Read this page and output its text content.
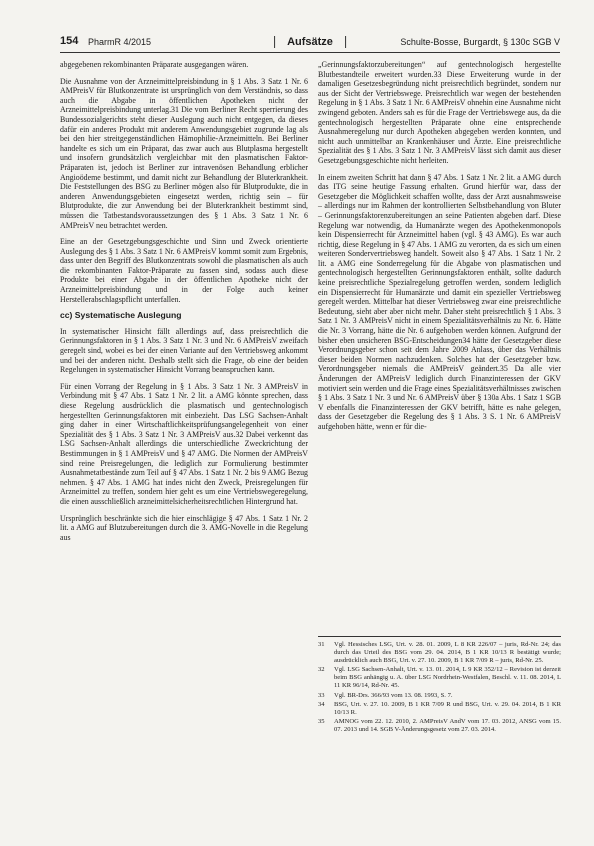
154 PharmR 4/2015	Aufsätze	Schulte-Bosse, Burgardt, § 130c SGB V

abgegebenen rekombinanten Präparate ausgegangen wären.

Die Ausnahme von der Arzneimittelpreisbindung in § 1 Abs. 3 Satz 1 Nr. 6 AMPreisV für Blutkonzentrate ist ursprünglich von dem Verständnis, so dass auch die Abgabe in öffentlichen Apotheken nicht der Arzneimittelpreisbindung unterlag.31 Die vom Berliner Recht sperrierung des Bundessozialgerichts steht dieser Auslegung auch nicht entgegen, da dieses dafür ein anderes Produkt mit anderem Anwendungsgebiet zugrunde lag als bei den hier streitgegenständlichen Hämophilie-Arzneimitteln. Bei Berliner handelte es sich um ein Präparat, das zwar auch aus Blutplasma hergestellt und insofern grundsätzlich vergleichbar mit den plasmatischen Faktor-Präparaten ist, jedoch ist Berliner zur intravenösen Behandlung erblicher Angioödeme bestimmt, und damit nicht zur Behandlung der Bluterkrankheit. Die Feststellungen des BSG zu Berliner mögen also für Blutprodukte, die in anderen Anwendungsgebieten eingesetzt werden, richtig sein – für Blutprodukte, die zur Anwendung bei der Bluterkrankheit bestimmt sind, müssen die Tatbestandsvoraussetzungen des § 1 Abs. 3 Satz 1 Nr. 6 AMPreisV neu betrachtet werden.

Eine an der Gesetzgebungsgeschichte und Sinn und Zweck orientierte Auslegung des § 1 Abs. 3 Satz 1 Nr. 6 AMPreisV kommt somit zum Ergebnis, dass unter den Begriff des Blutkonzentrats sowohl die plasmatischen als auch die rekombinanten Faktor-Präparate zu fassen sind, sodass auch diese Produkte bei einer Abgabe in der öffentlichen Apotheke nicht der Arzneimittelpreisbindung und in der Folge auch keiner Herstellerabschlagspflicht unterfallen.

cc) Systematische Auslegung

In systematischer Hinsicht fällt allerdings auf, dass preisrechtlich die Gerinnungsfaktoren in § 1 Abs. 3 Satz 1 Nr. 3 und Nr. 6 AMPreisV zweifach geregelt sind, wobei es bei der einen Variante auf den Vertriebsweg ankommt und bei der anderen nicht. Deshalb stellt sich die Frage, ob eine der beiden Regelungen in systematischer Hinsicht Vorrang beanspruchen kann.

Für einen Vorrang der Regelung in § 1 Abs. 3 Satz 1 Nr. 3 AMPreisV in Verbindung mit § 47 Abs. 1 Satz 1 Nr. 2 lit. a AMG könnte sprechen, dass diese Regelung ausdrücklich die plasmatisch und gentechnologisch hergestellten Gerinnungsfaktoren mit einbezieht. Das LSG Sachsen-Anhalt ging daher in einer Wirtschaftlichkeitsprüfungsangelegenheit von einer Spezialität des § 1 Abs. 3 Satz 1 Nr. 3 AMPreisV aus.32 Dabei verkennt das LSG Sachsen-Anhalt allerdings die unterschiedliche Zweckrichtung der Bestimmungen in § 1 AMPreisV und § 47 AMG. Die Normen der AMPreisV sind reine Preisregelungen, die lediglich zur Formulierung bestimmter Ausnahmetatbestände zum Teil auf § 47 Abs. 1 Satz 1 Nr. 2 bis 9 AMG Bezug nehmen. § 47 Abs. 1 AMG hat indes nicht den Zweck, Preisregelungen für Arzneimittel zu treffen, sondern hier geht es um eine Vertriebswegeregelung, die einen ausschließlich arzneimittelsicherheitsrechtlichen Hintergrund hat.

Ursprünglich beschränkte sich die hier einschlägige § 47 Abs. 1 Satz 1 Nr. 2 lit. a AMG auf Blutzubereitungen durch die 3. AMG-Novelle in die Regelung aus

„Gerinnungsfaktorzubereitungen“ auf gentechnologisch hergestellte Blutbestandteile erweitert wurden.33 Diese Erweiterung wurde in der damaligen Gesetzesbegründung nicht preisrechtlich begründet, sondern nur aus der Sicht der Vertriebswege. Preisrechtlich war wegen der bestehenden Regelung in § 1 Abs. 3 Satz 1 Nr. 6 AMPreisV ohnehin eine Ausnahme nicht zwingend geboten. Anders sah es für die Frage der Vertriebswege aus, da die gentechnologisch hergestellten Präparate ohne eine entsprechende Ausnahmeregelung nur durch Apotheken abgegeben werden konnten, und nicht auch unmittelbar an Krankenhäuser und Ärzte. Eine preisrechtliche Spezialität des § 1 Abs. 3 Satz 1 Nr. 3 AMPreisV lässt sich damit aus dieser Gesetzgebungsgeschichte nicht herleiten.

In einem zweiten Schritt hat dann § 47 Abs. 1 Satz 1 Nr. 2 lit. a AMG durch das ITG seine heutige Fassung erhalten. Grund hierfür war, dass der Gesetzgeber die Möglichkeit schaffen wollte, dass der Arzt ausnahmsweise – allerdings nur im Rahmen der kontrollierten Selbstbehandlung von Bluter – Gerinnungsfaktorenzubereitungen an seine Patienten abgeben darf. Diese Regelung war notwendig, da Humanärzte wegen des Apothekenmonopols kein Dispensierrecht für Arzneimittel haben (vgl. § 43 AMG). Es war auch richtig, diese Regelung in § 47 Abs. 1 AMG zu verorten, da es sich um einen weiteren Sondervertriebsweg handelt. Soweit also § 47 Abs. 1 Satz 1 Nr. 2 lit. a AMG eine Sonderregelung für die Abgabe von plasmatischen und gentechnologisch hergestellten Gerinnungsfaktoren enthält, sollte dadurch keine preisrechtliche Spezialregelung getroffen werden, sondern lediglich ein Dispensierrecht für Humanärzte und damit ein spezieller Vertriebsweg geregelt werden. Mittelbar hat dieser Vertriebsweg zwar eine preisrechtliche Bedeutung, sieht aber aber nicht mehr. Daher steht preisrechtlich § 1 Abs. 3 Satz 1 Nr. 3 AMPreisV nicht in einem Spezialitätsverhältnis zu Nr. 6. Hätte die Nr. 3 Vorrang, hätte die Nr. 6 aufgehoben werden können. Aufgrund der bisher eben unsicheren BSG-Entscheidungen34 hätte der Gesetzgeber diese Verordnungsgeber schon seit dem Jahre 2009 Anlass, über das Verhältnis dieser beiden Normen nachzudenken. Solches hat der Gesetzgeber bzw. Verordnungsgeber niemals die AMPreisV geändert.35 Da alle vier Änderungen der AMPreisV lediglich durch Finanzinteressen der GKV motiviert sein werden und die Frage eines Spezialitätsverhältnisses zwischen § 1 Abs. 3 Satz 1 Nr. 3 und Nr. 6 AMPreisV über § 130a Abs. 1 Satz 1 SGB V ebenfalls die Finanzinteressen der GKV betrifft, hätte es nahe gelegen, dass der Gesetzgeber die Regelung des § 1 Abs. 3 S. 1 Nr. 6 AMPreisV aufgehoben hätte, wenn er für die-

31	Vgl. Hessisches LSG, Urt. v. 28. 01. 2009, L 8 KR 226/07 – juris, Rd-Nr. 24; das durch das Urteil des BSG vom 29. 04. 2014, B 1 KR 10/13 R bestätigt wurde; ausdrücklich auch BSG, Urt. v. 27. 10. 2009, B 1 KR 7/09 R – juris, Rd-Nr. 25.
32	Vgl. LSG Sachsen-Anhalt, Urt. v. 13. 01. 2014, L 9 KR 352/12 – Revision ist derzeit beim BSG anhängig u. A. über LSG Nordrhein-Westfalen, Beschl. v. 11. 08. 2014, L 11 KR 96/14, Rd-Nr. 45.
33	Vgl. BR-Drs. 366/93 vom 13. 08. 1993, S. 7.
34	BSG, Urt. v. 27. 10. 2009, B 1 KR 7/09 R und BSG, Urt. v. 29. 04. 2014, B 1 KR 10/13 R.
35	AMNOG vom 22. 12. 2010, 2. AMPreisV AndV vom 17. 03. 2012, ANSG vom 15. 07. 2013 und 14. SGB V-Änderungsgesetz vom 27. 03. 2014.
